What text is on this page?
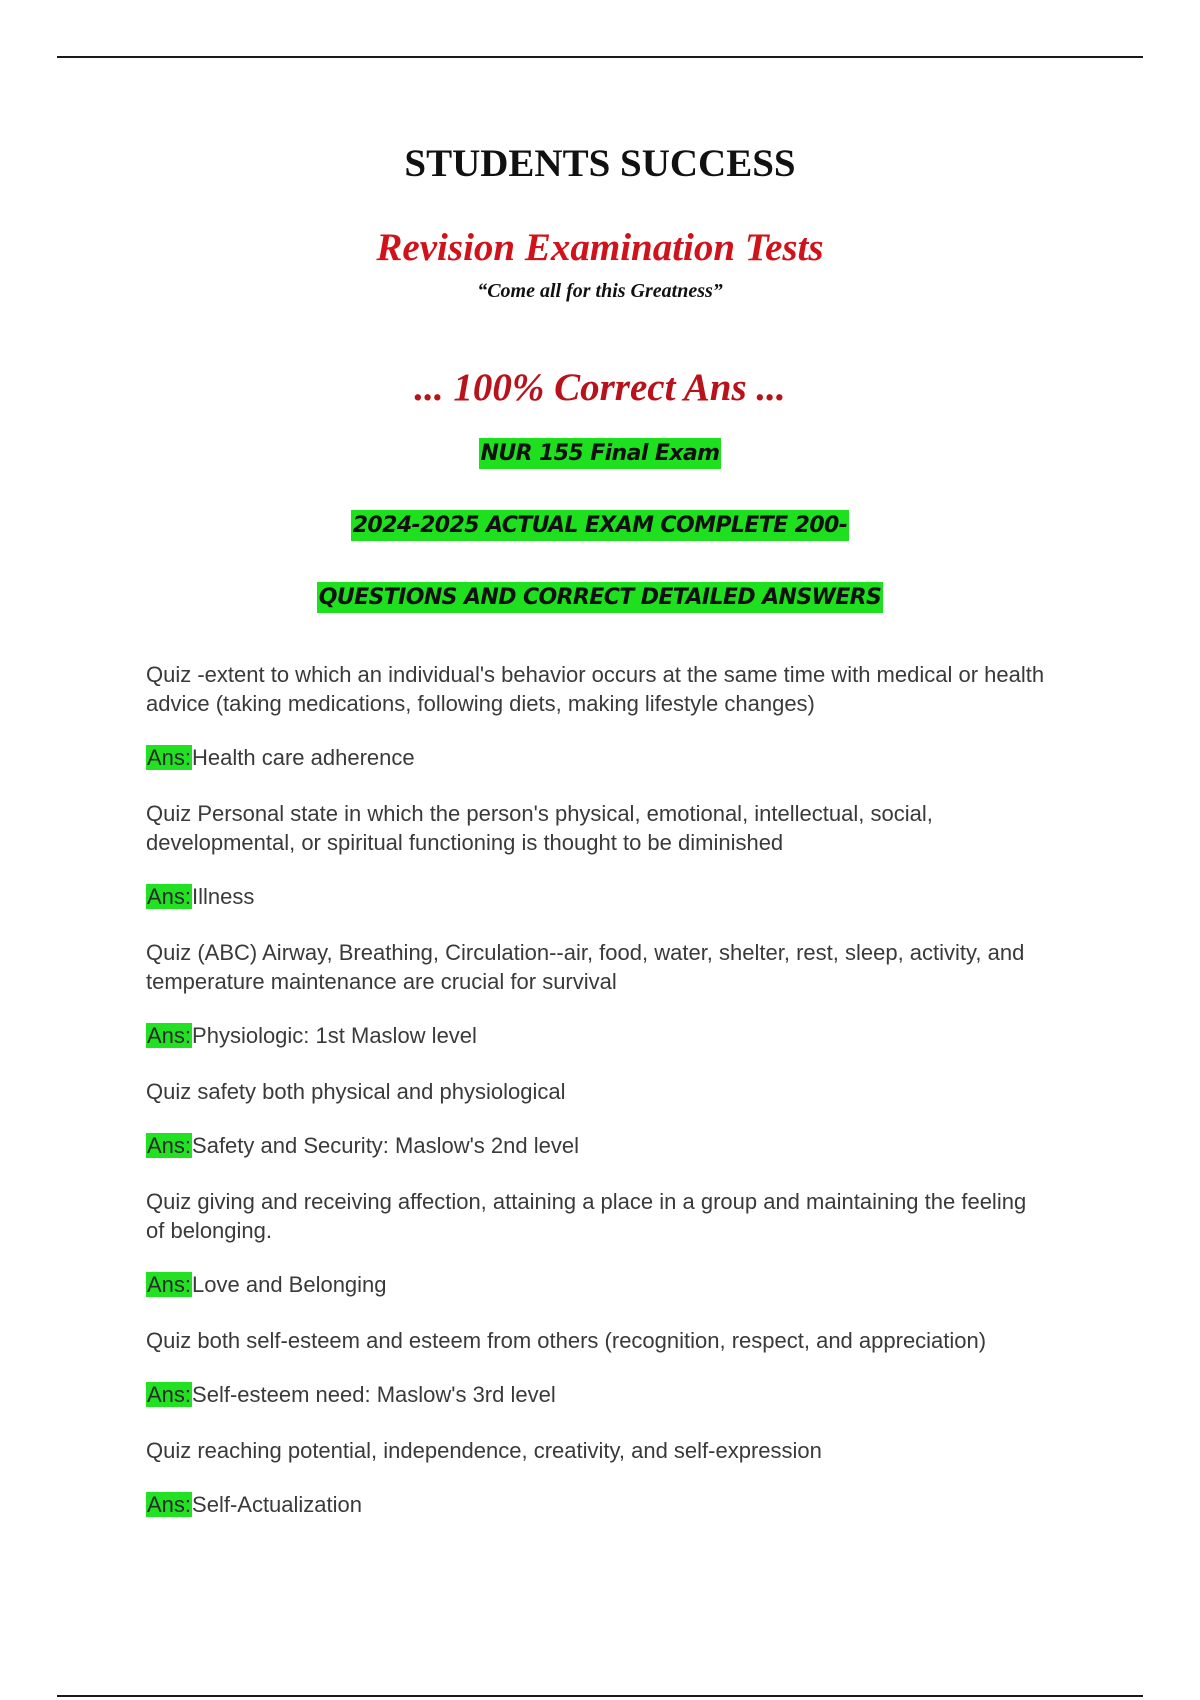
STUDENTS SUCCESS
Revision Examination Tests
“Come all for this Greatness”
... 100% Correct Ans ...
NUR 155 Final Exam
2024-2025 ACTUAL EXAM COMPLETE 200-
QUESTIONS AND CORRECT DETAILED ANSWERS

Quiz -extent to which an individual's behavior occurs at the same time with medical or health advice (taking medications, following diets, making lifestyle changes)

Ans:Health care adherence

Quiz Personal state in which the person's physical, emotional, intellectual, social, developmental, or spiritual functioning is thought to be diminished

Ans:Illness

Quiz (ABC) Airway, Breathing, Circulation--air, food, water, shelter, rest, sleep, activity, and temperature maintenance are crucial for survival

Ans:Physiologic: 1st Maslow level

Quiz safety both physical and physiological

Ans:Safety and Security: Maslow's 2nd level

Quiz giving and receiving affection, attaining a place in a group and maintaining the feeling of belonging.

Ans:Love and Belonging

Quiz both self-esteem and esteem from others (recognition, respect, and appreciation)

Ans:Self-esteem need: Maslow's 3rd level

Quiz reaching potential, independence, creativity, and self-expression

Ans:Self-Actualization
